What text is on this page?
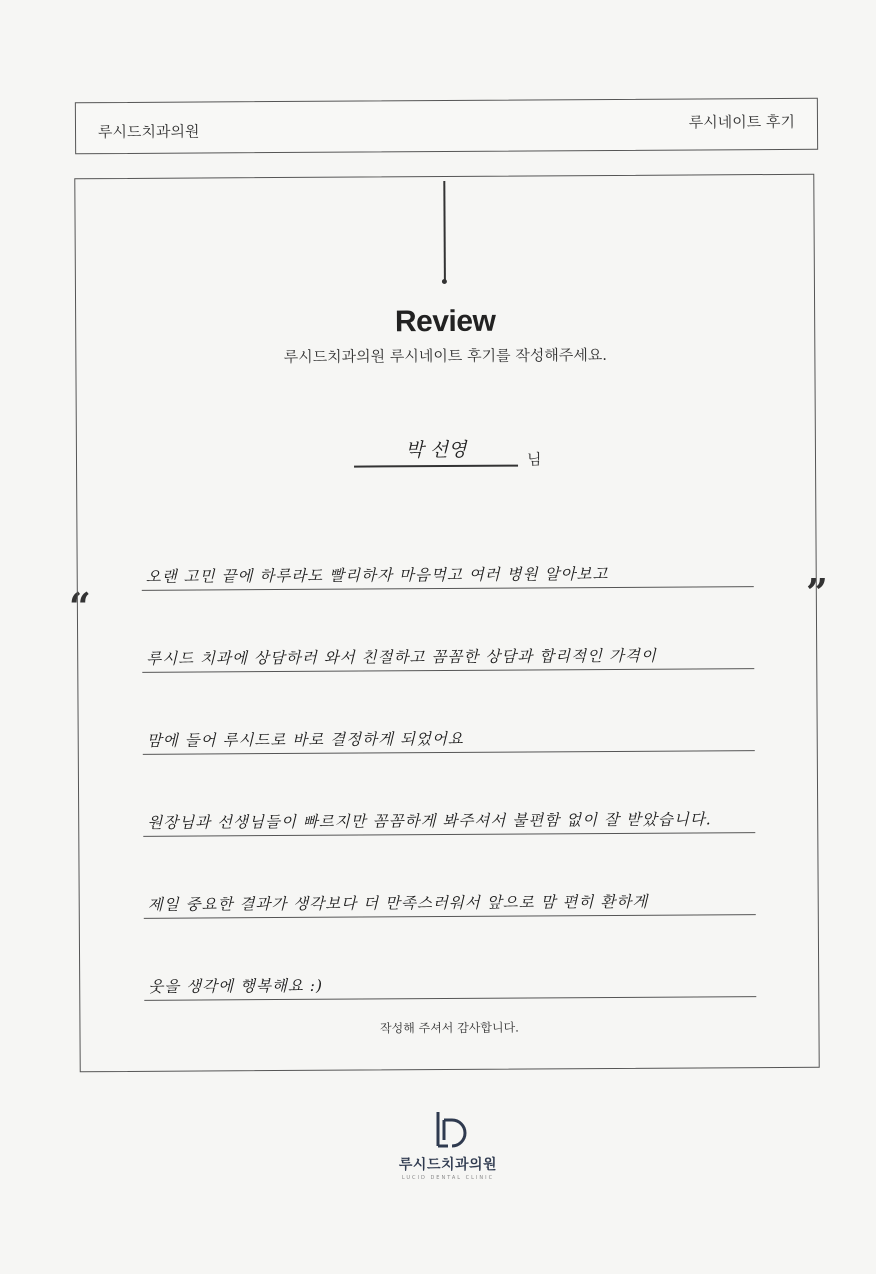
루시드치과의원
루시네이트 후기
“	”
Review
루시드치과의원 루시네이트 후기를 작성해주세요.
박 선영	님
오랜 고민 끝에 하루라도 빨리하자 마음먹고 여러 병원 알아보고
루시드 치과에 상담하러 와서 친절하고 꼼꼼한 상담과 합리적인 가격이
맘에 들어 루시드로 바로 결정하게 되었어요
원장님과 선생님들이 빠르지만 꼼꼼하게 봐주셔서 불편함 없이 잘 받았습니다.
제일 중요한 결과가 생각보다 더 만족스러워서 앞으로 맘 편히 환하게
웃을 생각에 행복해요 :)
작성해 주셔서 감사합니다.
루시드치과의원
LUCID DENTAL CLINIC
